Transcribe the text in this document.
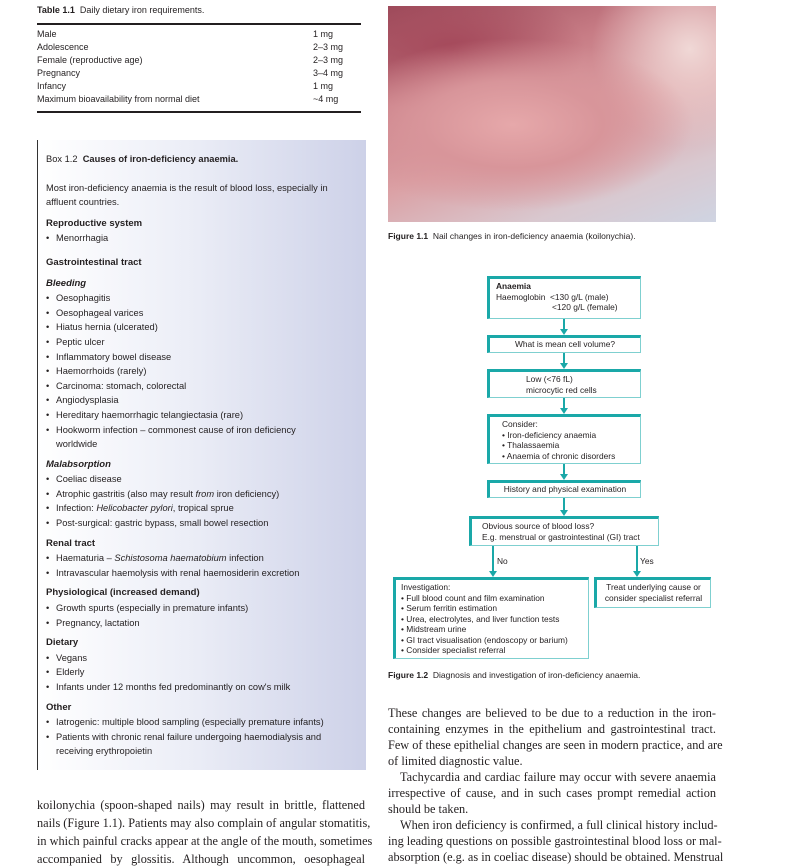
Table 1.1 Daily dietary iron requirements.
Male	1 mg
Adolescence	2–3 mg
Female (reproductive age)	2–3 mg
Pregnancy	3–4 mg
Infancy	1 mg
Maximum bioavailability from normal diet	~4 mg
Box 1.2 Causes of iron-deficiency anaemia.
Most iron-deficiency anaemia is the result of blood loss, especially in affluent countries.
Reproductive system
• Menorrhagia
Gastrointestinal tract
Bleeding
• Oesophagitis
• Oesophageal varices
• Hiatus hernia (ulcerated)
• Peptic ulcer
• Inflammatory bowel disease
• Haemorrhoids (rarely)
• Carcinoma: stomach, colorectal
• Angiodysplasia
• Hereditary haemorrhagic telangiectasia (rare)
• Hookworm infection – commonest cause of iron deficiency worldwide
Malabsorption
• Coeliac disease
• Atrophic gastritis (also may result from iron deficiency)
• Infection: Helicobacter pylori, tropical sprue
• Post-surgical: gastric bypass, small bowel resection
Renal tract
• Haematuria – Schistosoma haematobium infection
• Intravascular haemolysis with renal haemosiderin excretion
Physiological (increased demand)
• Growth spurts (especially in premature infants)
• Pregnancy, lactation
Dietary
• Vegans
• Elderly
• Infants under 12 months fed predominantly on cow's milk
Other
• Iatrogenic: multiple blood sampling (especially premature infants)
• Patients with chronic renal failure undergoing haemodialysis and receiving erythropoietin
Figure 1.1 Nail changes in iron-deficiency anaemia (koilonychia).
Anaemia
Haemoglobin  <130 g/L (male)
<120 g/L (female)
What is mean cell volume?
Low (<76 fL)
microcytic red cells
Consider:
• Iron-deficiency anaemia
• Thalassaemia
• Anaemia of chronic disorders
History and physical examination
Obvious source of blood loss?
E.g. menstrual or gastrointestinal (GI) tract
No	Yes
Investigation:
• Full blood count and film examination
• Serum ferritin estimation
• Urea, electrolytes, and liver function tests
• Midstream urine
• GI tract visualisation (endoscopy or barium)
• Consider specialist referral
Treat underlying cause or consider specialist referral
Figure 1.2 Diagnosis and investigation of iron-deficiency anaemia.
koilonychia (spoon-shaped nails) may result in brittle, flattened
nails (Figure 1.1). Patients may also complain of angular stomatitis,
in which painful cracks appear at the angle of the mouth, sometimes
accompanied by glossitis. Although uncommon, oesophageal
These changes are believed to be due to a reduction in the iron-
containing enzymes in the epithelium and gastrointestinal tract.
Few of these epithelial changes are seen in modern practice, and are
of limited diagnostic value.
Tachycardia and cardiac failure may occur with severe anaemia
irrespective of cause, and in such cases prompt remedial action
should be taken.
When iron deficiency is confirmed, a full clinical history includ-
ing leading questions on possible gastrointestinal blood loss or mal-
absorption (e.g. as in coeliac disease) should be obtained. Menstrual
